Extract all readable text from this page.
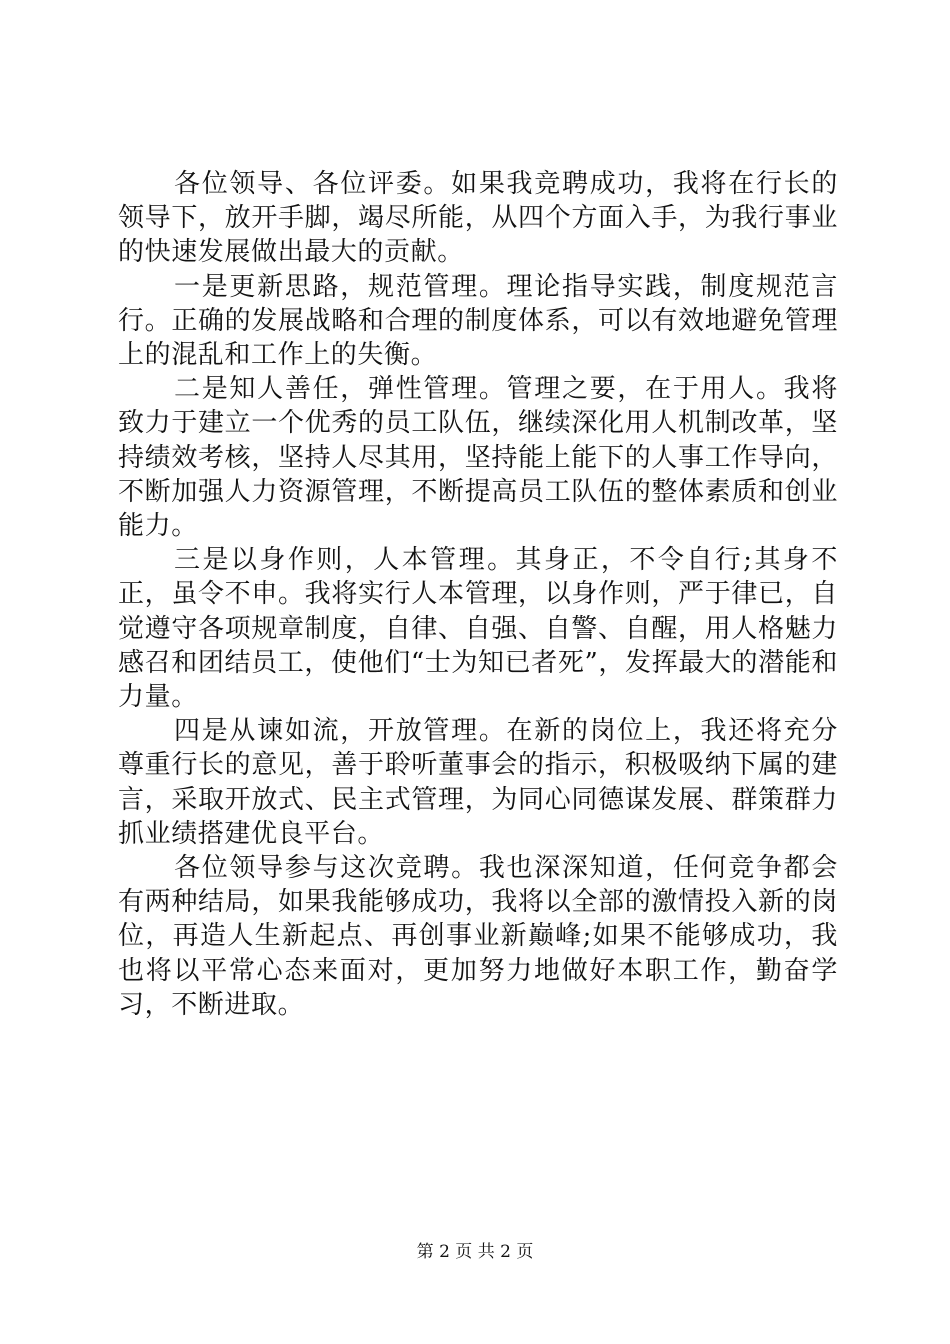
各位领导、各位评委。如果我竞聘成功，我将在行长的领导下，放开手脚，竭尽所能，从四个方面入手，为我行事业的快速发展做出最大的贡献。

一是更新思路，规范管理。理论指导实践，制度规范言行。正确的发展战略和合理的制度体系，可以有效地避免管理上的混乱和工作上的失衡。

二是知人善任，弹性管理。管理之要，在于用人。我将致力于建立一个优秀的员工队伍，继续深化用人机制改革，坚持绩效考核，坚持人尽其用，坚持能上能下的人事工作导向，不断加强人力资源管理，不断提高员工队伍的整体素质和创业能力。

三是以身作则，人本管理。其身正，不令自行;其身不正，虽令不申。我将实行人本管理，以身作则，严于律已，自觉遵守各项规章制度，自律、自强、自警、自醒，用人格魅力感召和团结员工，使他们“士为知已者死”，发挥最大的潜能和力量。

四是从谏如流，开放管理。在新的岗位上，我还将充分尊重行长的意见，善于聆听董事会的指示，积极吸纳下属的建言，采取开放式、民主式管理，为同心同德谋发展、群策群力抓业绩搭建优良平台。

各位领导参与这次竞聘。我也深深知道，任何竞争都会有两种结局，如果我能够成功，我将以全部的激情投入新的岗位，再造人生新起点、再创事业新巅峰;如果不能够成功，我也将以平常心态来面对，更加努力地做好本职工作，勤奋学习，不断进取。

第 2 页 共 2 页
